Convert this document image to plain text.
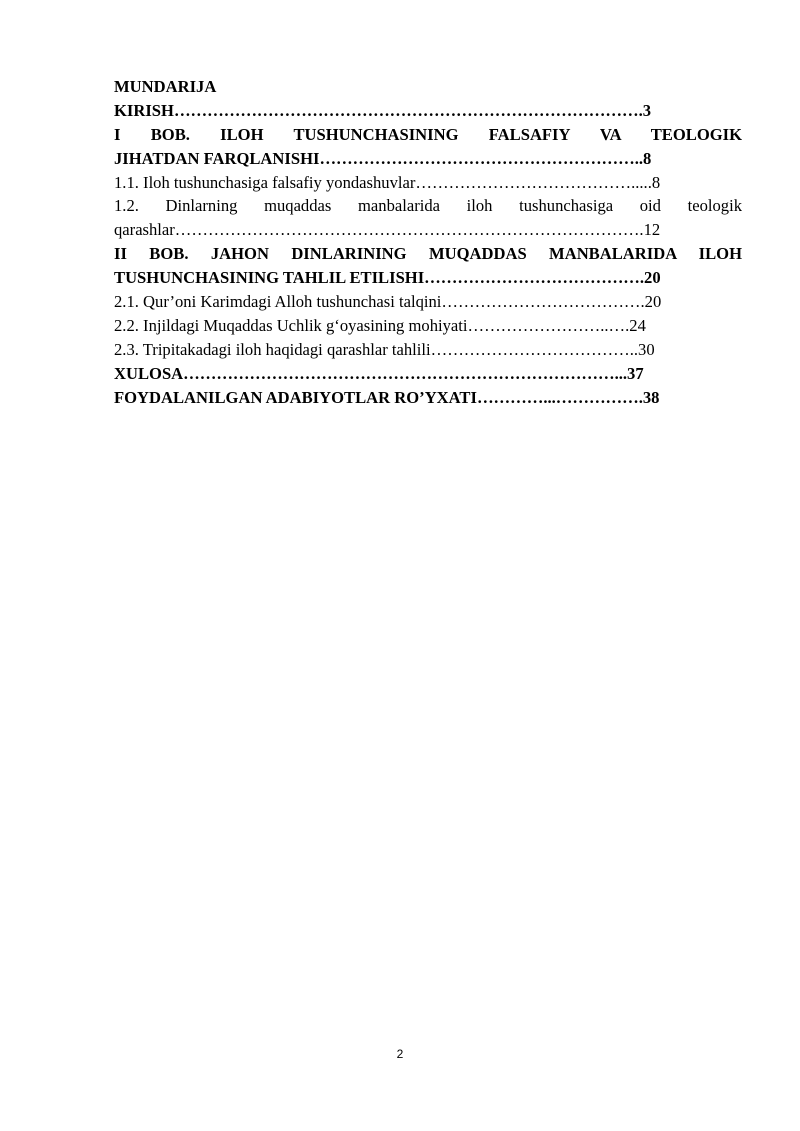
MUNDARIJA
KIRISH………………………………………………………………………….3
I BOB. ILOH TUSHUNCHASINING FALSAFIY VA TEOLOGIK
JIHATDAN FARQLANISHI…………………………………………………..8
1.1. Iloh tushunchasiga falsafiy yondashuvlar………………………………….....8
1.2. Dinlarning muqaddas manbalarida iloh tushunchasiga oid teologik
qarashlar………………………………………………………………………….12
II BOB. JAHON DINLARINING MUQADDAS MANBALARIDA ILOH
TUSHUNCHASINING TAHLIL ETILISHI………………………………….20
2.1. Qur’oni Karimdagi Alloh tushunchasi talqini……………………………….20
2.2. Injildagi Muqaddas Uchlik g‘oyasining mohiyati……………………..….24
2.3. Tripitakadagi iloh haqidagi qarashlar tahlili………………………………..30
XULOSA……………………………………………………………………...37
FOYDALANILGAN ADABIYOTLAR RO’YXATI…………...…………….38
2
